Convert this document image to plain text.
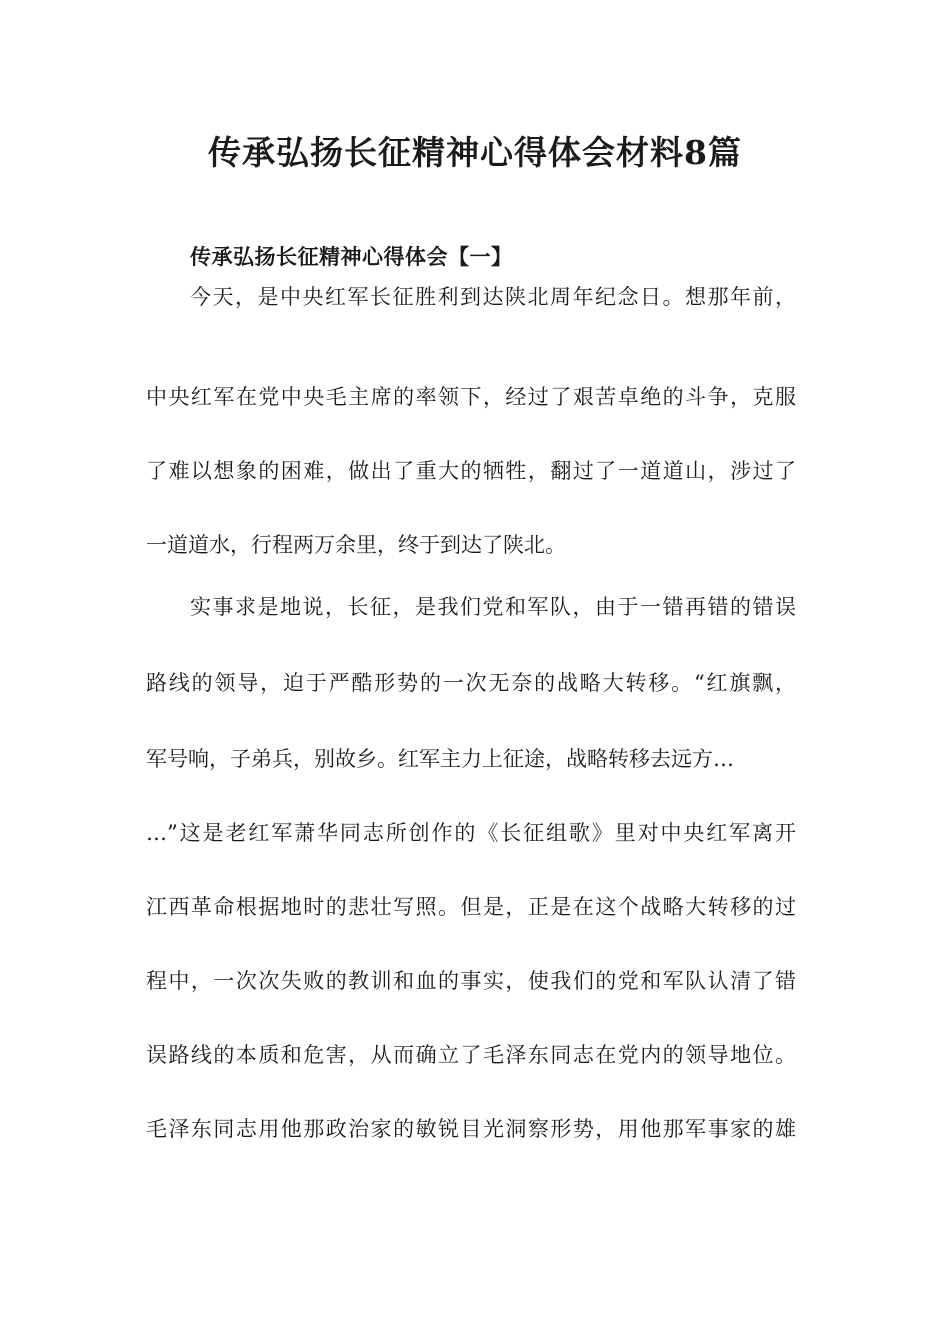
传承弘扬长征精神心得体会材料8篇
传承弘扬长征精神心得体会【一】

今天，是中央红军长征胜利到达陕北周年纪念日。想那年前，

中央红军在党中央毛主席的率领下，经过了艰苦卓绝的斗争，克服

了难以想象的困难，做出了重大的牺牲，翻过了一道道山，涉过了

一道道水，行程两万余里，终于到达了陕北。

实事求是地说，长征，是我们党和军队，由于一错再错的错误

路线的领导，迫于严酷形势的一次无奈的战略大转移。“红旗飘，

军号响，子弟兵，别故乡。红军主力上征途，战略转移去远方…

…”这是老红军萧华同志所创作的《长征组歌》里对中央红军离开

江西革命根据地时的悲壮写照。但是，正是在这个战略大转移的过

程中，一次次失败的教训和血的事实，使我们的党和军队认清了错

误路线的本质和危害，从而确立了毛泽东同志在党内的领导地位。

毛泽东同志用他那政治家的敏锐目光洞察形势，用他那军事家的雄
